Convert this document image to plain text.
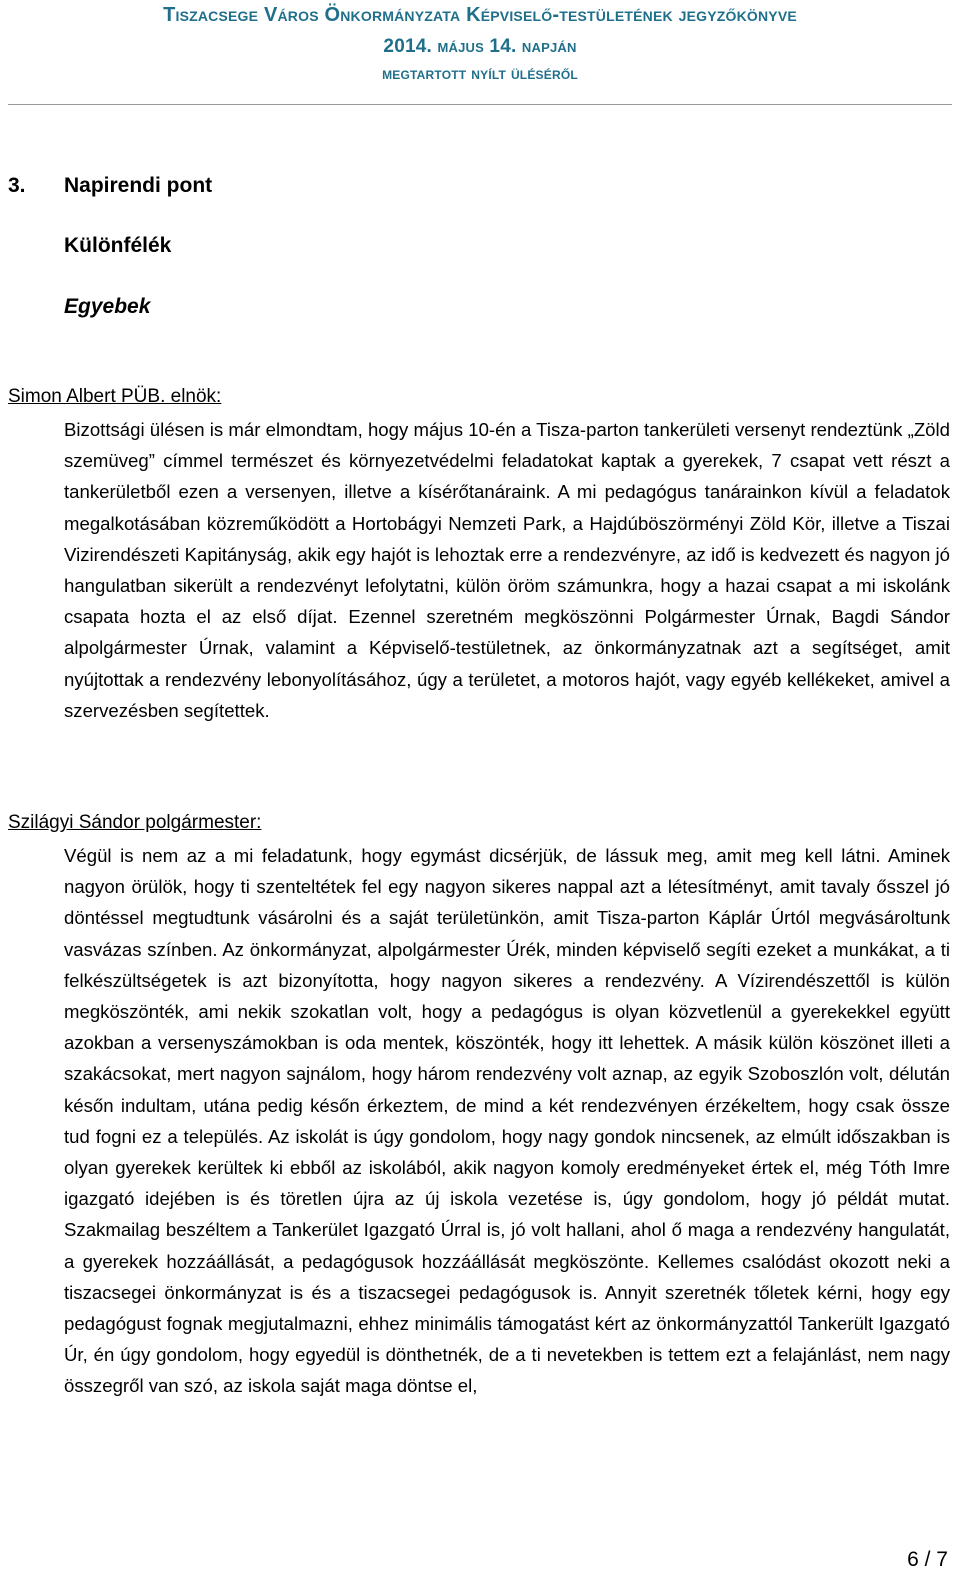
Tiszacsege Város Önkormányzata Képviselő-testületének jegyzőkönyve
2014. május 14. napján
megtartott nyílt üléséről
3. Napirendi pont
Különfélék
Egyebek
Simon Albert PÜB. elnök:
Bizottsági ülésen is már elmondtam, hogy május 10-én a Tisza-parton tankerületi versenyt rendeztünk „Zöld szemüveg” címmel természet és környezetvédelmi feladatokat kaptak a gyerekek, 7 csapat vett részt a tankerületből ezen a versenyen, illetve a kísérőtanáraink. A mi pedagógus tanárainkon kívül a feladatok megalkotásában közreműködött a Hortobágyi Nemzeti Park, a Hajdúböszörményi Zöld Kör, illetve a Tiszai Vizirendészeti Kapitányság, akik egy hajót is lehoztak erre a rendezvényre, az idő is kedvezett és nagyon jó hangulatban sikerült a rendezvényt lefolytatni, külön öröm számunkra, hogy a hazai csapat a mi iskolánk csapata hozta el az első díjat. Ezennel szeretném megköszönni Polgármester Úrnak, Bagdi Sándor alpolgármester Úrnak, valamint a Képviselő-testületnek, az önkormányzatnak azt a segítséget, amit nyújtottak a rendezvény lebonyolításához, úgy a területet, a motoros hajót, vagy egyéb kellékeket, amivel a szervezésben segítettek.
Szilágyi Sándor polgármester:
Végül is nem az a mi feladatunk, hogy egymást dicsérjük, de lássuk meg, amit meg kell látni. Aminek nagyon örülök, hogy ti szenteltétek fel egy nagyon sikeres nappal azt a létesítményt, amit tavaly ősszel jó döntéssel megtudtunk vásárolni és a saját területünkön, amit Tisza-parton Káplár Úrtól megvásároltunk vasvázas színben. Az önkormányzat, alpolgármester Úrék, minden képviselő segíti ezeket a munkákat, a ti felkészültségetek is azt bizonyította, hogy nagyon sikeres a rendezvény. A Vízirendészettől is külön megköszönték, ami nekik szokatlan volt, hogy a pedagógus is olyan közvetlenül a gyerekekkel együtt azokban a versenyszámokban is oda mentek, köszönték, hogy itt lehettek. A másik külön köszönet illeti a szakácsokat, mert nagyon sajnálom, hogy három rendezvény volt aznap, az egyik Szoboszlón volt, délután későn indultam, utána pedig későn érkeztem, de mind a két rendezvényen érzékeltem, hogy csak össze tud fogni ez a település. Az iskolát is úgy gondolom, hogy nagy gondok nincsenek, az elmúlt időszakban is olyan gyerekek kerültek ki ebből az iskolából, akik nagyon komoly eredményeket értek el, még Tóth Imre igazgató idejében is és töretlen újra az új iskola vezetése is, úgy gondolom, hogy jó példát mutat. Szakmailag beszéltem a Tankerület Igazgató Úrral is, jó volt hallani, ahol ő maga a rendezvény hangulatát, a gyerekek hozzáállását, a pedagógusok hozzáállását megköszönte. Kellemes csalódást okozott neki a tiszacsegei önkormányzat is és a tiszacsegei pedagógusok is. Annyit szeretnék tőletek kérni, hogy egy pedagógust fognak megjutalmazni, ehhez minimális támogatást kért az önkormányzattól Tankerült Igazgató Úr, én úgy gondolom, hogy egyedül is dönthetnék, de a ti nevetekben is tettem ezt a felajánlást, nem nagy összegről van szó, az iskola saját maga döntse el,
6 / 7
